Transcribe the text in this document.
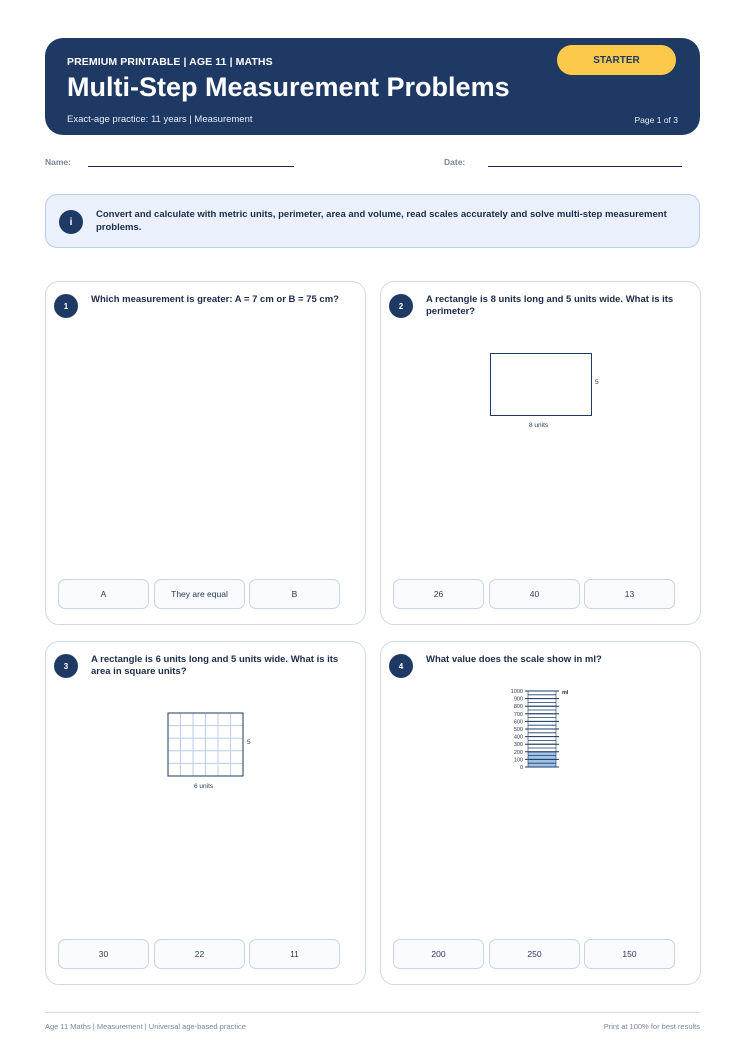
PREMIUM PRINTABLE | AGE 11 | MATHS
Multi-Step Measurement Problems
Exact-age practice: 11 years | Measurement	Page 1 of 3
STARTER
Name:	Date:
i
Convert and calculate with metric units, perimeter, area and volume, read scales accurately and solve multi-step measurement problems.
1
Which measurement is greater: A = 7 cm or B = 75 cm?
A	They are equal	B
2
A rectangle is 8 units long and 5 units wide. What is its perimeter?
5
8 units
26	40	13
3
A rectangle is 6 units long and 5 units wide. What is its area in square units?
5
6 units
30	22	11
4
What value does the scale show in ml?
1000
900
800
700
600
500
400
300
200
100
0
ml
200	250	150
Age 11 Maths | Measurement | Universal age-based practice	Print at 100% for best results
